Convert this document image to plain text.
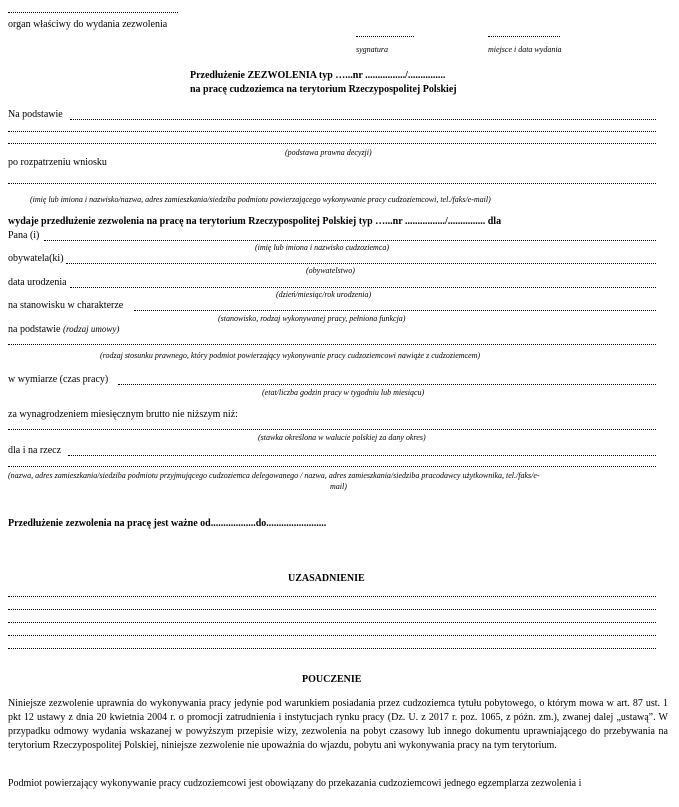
organ właściwy do wydania zezwolenia
sygnatura	miejsce i data wydania
Przedłużenie ZEZWOLENIA typ …...nr ................/...............
na pracę cudzoziemca na terytorium Rzeczypospolitej Polskiej
Na podstawie
(podstawa prawna decyzji)
po rozpatrzeniu wniosku
(imię lub imiona i nazwisko/nazwa, adres zamieszkania/siedziba podmiotu powierzającego wykonywanie pracy cudzoziemcowi, tel./faks/e-mail)
wydaje przedłużenie zezwolenia na pracę na terytorium Rzeczypospolitej Polskiej typ …...nr ................/............... dla
Pana (i)
(imię lub imiona i nazwisko cudzoziemca)
obywatela(ki)
(obywatelstwo)
data urodzenia
(dzień/miesiąc/rok urodzenia)
na stanowisku w charakterze
(stanowisko, rodzaj wykonywanej pracy, pełniona funkcja)
na podstawie (rodzaj umowy)
(rodzaj stosunku prawnego, który podmiot powierzający wykonywanie pracy cudzoziemcowi nawiąże z cudzoziemcem)
w wymiarze (czas pracy)
(etat/liczba godzin pracy w tygodniu lub miesiącu)
za wynagrodzeniem miesięcznym brutto nie niższym niż:
(stawka określona w walucie polskiej za dany okres)
dla i na rzecz
(nazwa, adres zamieszkania/siedziba podmiotu przyjmującego cudzoziemca delegowanego / nazwa, adres zamieszkania/siedziba pracodawcy użytkownika, tel./faks/e-
mail)
Przedłużenie zezwolenia na pracę jest ważne od..................do........................
UZASADNIENIE
POUCZENIE
Niniejsze zezwolenie uprawnia do wykonywania pracy jedynie pod warunkiem posiadania przez cudzoziemca tytułu pobytowego, o którym mowa w art. 87 ust. 1 pkt 12 ustawy z dnia 20 kwietnia 2004 r. o promocji zatrudnienia i instytucjach rynku pracy (Dz. U. z 2017 r. poz. 1065, z późn. zm.), zwanej dalej „ustawą”. W przypadku odmowy wydania wskazanej w powyższym przepisie wizy, zezwolenia na pobyt czasowy lub innego dokumentu uprawniającego do przebywania na terytorium Rzeczypospolitej Polskiej, niniejsze zezwolenie nie upoważnia do wjazdu, pobytu ani wykonywania pracy na tym terytorium.
Podmiot powierzający wykonywanie pracy cudzoziemcowi jest obowiązany do przekazania cudzoziemcowi jednego egzemplarza zezwolenia i
